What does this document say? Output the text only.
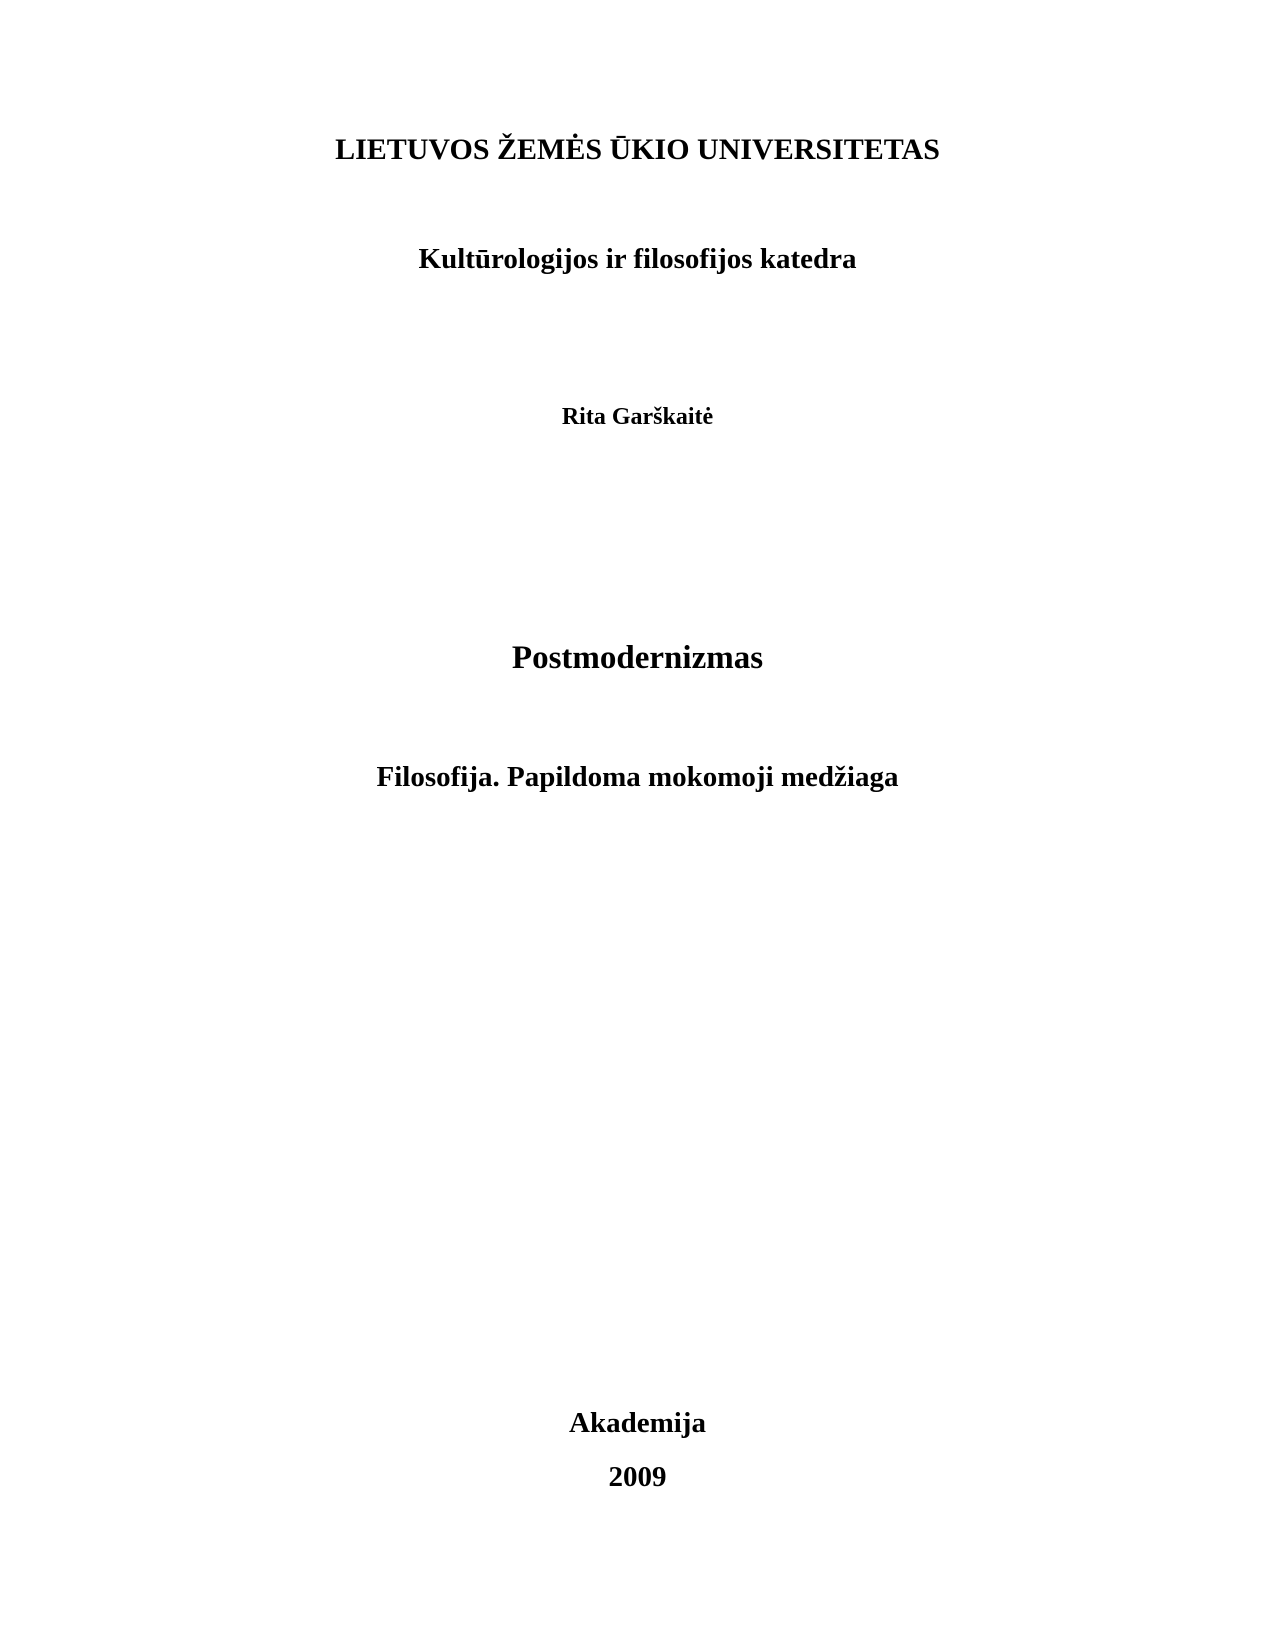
LIETUVOS ŽEMĖS ŪKIO UNIVERSITETAS

Kultūrologijos ir filosofijos katedra

Rita Garškaitė

Postmodernizmas

Filosofija. Papildoma mokomoji medžiaga

Akademija

2009
